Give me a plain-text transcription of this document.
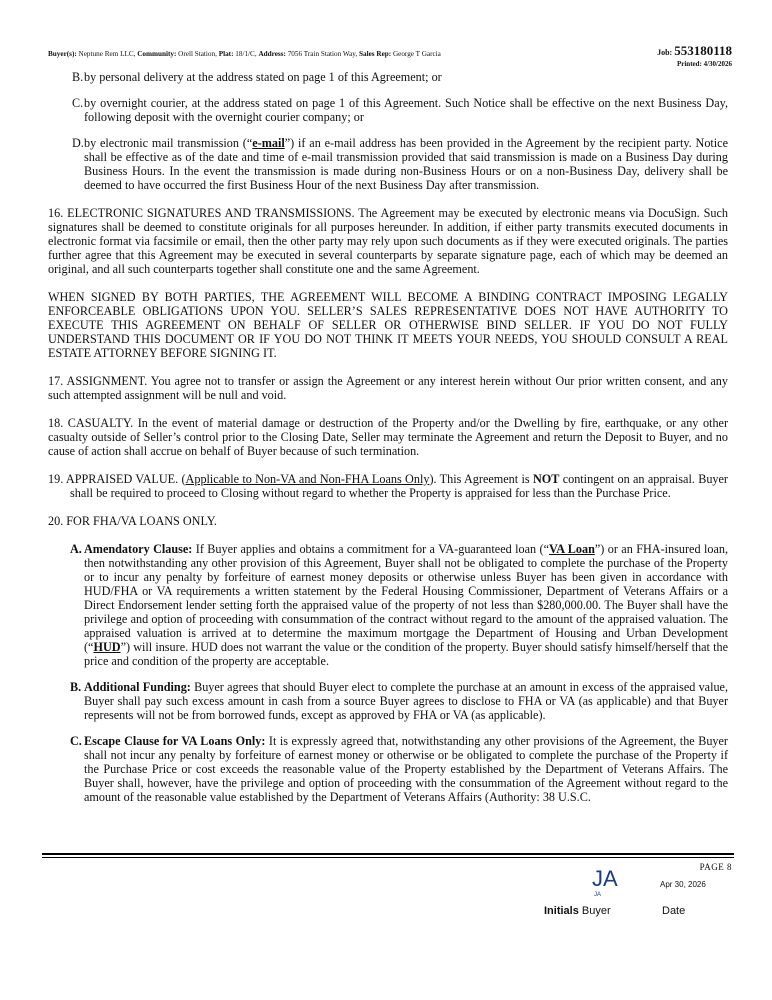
Buyer(s): Neptune Rem LLC, Community: Orell Station, Plat: 18/1/C, Address: 7056 Train Station Way, Sales Rep: George T Garcia	Job: 553180118
Printed: 4/30/2026
B. by personal delivery at the address stated on page 1 of this Agreement; or
C. by overnight courier, at the address stated on page 1 of this Agreement. Such Notice shall be effective on the next Business Day, following deposit with the overnight courier company; or
D. by electronic mail transmission (“e-mail”) if an e-mail address has been provided in the Agreement by the recipient party. Notice shall be effective as of the date and time of e-mail transmission provided that said transmission is made on a Business Day during Business Hours. In the event the transmission is made during non-Business Hours or on a non-Business Day, delivery shall be deemed to have occurred the first Business Hour of the next Business Day after transmission.
16. ELECTRONIC SIGNATURES AND TRANSMISSIONS. The Agreement may be executed by electronic means via DocuSign. Such signatures shall be deemed to constitute originals for all purposes hereunder. In addition, if either party transmits executed documents in electronic format via facsimile or email, then the other party may rely upon such documents as if they were executed originals. The parties further agree that this Agreement may be executed in several counterparts by separate signature page, each of which may be deemed an original, and all such counterparts together shall constitute one and the same Agreement.
WHEN SIGNED BY BOTH PARTIES, THE AGREEMENT WILL BECOME A BINDING CONTRACT IMPOSING LEGALLY ENFORCEABLE OBLIGATIONS UPON YOU. SELLER’S SALES REPRESENTATIVE DOES NOT HAVE AUTHORITY TO EXECUTE THIS AGREEMENT ON BEHALF OF SELLER OR OTHERWISE BIND SELLER. IF YOU DO NOT FULLY UNDERSTAND THIS DOCUMENT OR IF YOU DO NOT THINK IT MEETS YOUR NEEDS, YOU SHOULD CONSULT A REAL ESTATE ATTORNEY BEFORE SIGNING IT.
17. ASSIGNMENT. You agree not to transfer or assign the Agreement or any interest herein without Our prior written consent, and any such attempted assignment will be null and void.
18. CASUALTY. In the event of material damage or destruction of the Property and/or the Dwelling by fire, earthquake, or any other casualty outside of Seller’s control prior to the Closing Date, Seller may terminate the Agreement and return the Deposit to Buyer, and no cause of action shall accrue on behalf of Buyer because of such termination.
19. APPRAISED VALUE. (Applicable to Non-VA and Non-FHA Loans Only). This Agreement is NOT contingent on an appraisal. Buyer shall be required to proceed to Closing without regard to whether the Property is appraised for less than the Purchase Price.
20. FOR FHA/VA LOANS ONLY.
A. Amendatory Clause: If Buyer applies and obtains a commitment for a VA-guaranteed loan (“VA Loan”) or an FHA-insured loan, then notwithstanding any other provision of this Agreement, Buyer shall not be obligated to complete the purchase of the Property or to incur any penalty by forfeiture of earnest money deposits or otherwise unless Buyer has been given in accordance with HUD/FHA or VA requirements a written statement by the Federal Housing Commissioner, Department of Veterans Affairs or a Direct Endorsement lender setting forth the appraised value of the property of not less than $280,000.00. The Buyer shall have the privilege and option of proceeding with consummation of the contract without regard to the amount of the appraised valuation. The appraised valuation is arrived at to determine the maximum mortgage the Department of Housing and Urban Development (“HUD”) will insure. HUD does not warrant the value or the condition of the property. Buyer should satisfy himself/herself that the price and condition of the property are acceptable.
B. Additional Funding: Buyer agrees that should Buyer elect to complete the purchase at an amount in excess of the appraised value, Buyer shall pay such excess amount in cash from a source Buyer agrees to disclose to FHA or VA (as applicable) and that Buyer represents will not be from borrowed funds, except as approved by FHA or VA (as applicable).
C. Escape Clause for VA Loans Only: It is expressly agreed that, notwithstanding any other provisions of the Agreement, the Buyer shall not incur any penalty by forfeiture of earnest money or otherwise or be obligated to complete the purchase of the Property if the Purchase Price or cost exceeds the reasonable value of the Property established by the Department of Veterans Affairs. The Buyer shall, however, have the privilege and option of proceeding with the consummation of the Agreement without regard to the amount of the reasonable value established by the Department of Veterans Affairs (Authority: 38 U.S.C.
PAGE 8
JA
JA
Apr 30, 2026
Initials Buyer	Date
